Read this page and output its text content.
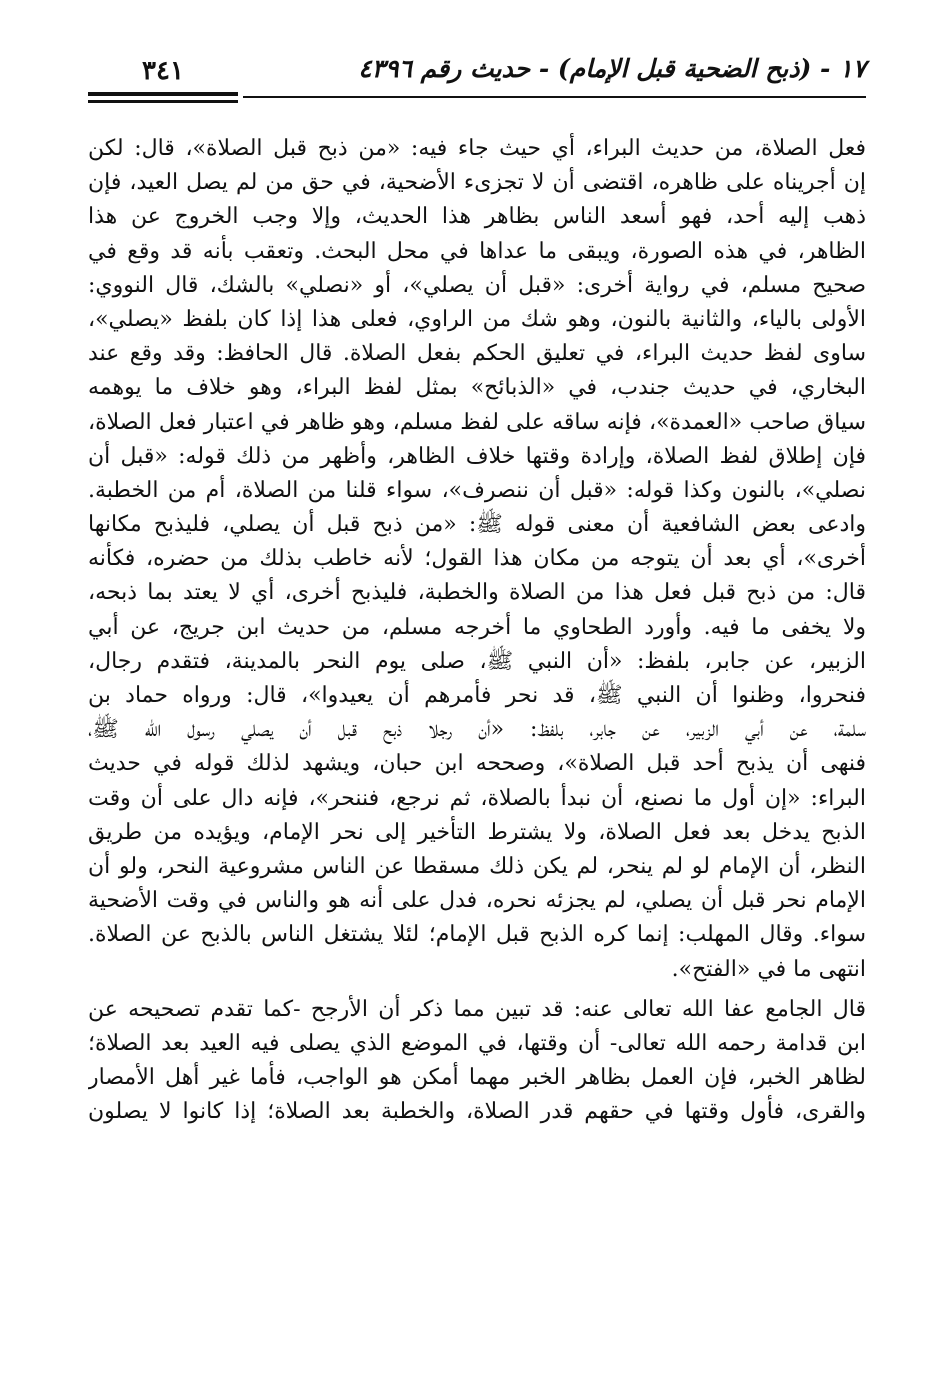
٣٤١	١٧ - (ذبح الضحية قبل الإمام) - حديث رقم ٤٣٩٦
فعل الصلاة، من حديث البراء، أي حيث جاء فيه: «من ذبح قبل الصلاة»، قال: لكن
إن أجريناه على ظاهره، اقتضى أن لا تجزىء الأضحية، في حق من لم يصل العيد، فإن
ذهب إليه أحد، فهو أسعد الناس بظاهر هذا الحديث، وإلا وجب الخروج عن هذا
الظاهر، في هذه الصورة، ويبقى ما عداها في محل البحث. وتعقب بأنه قد وقع في
صحيح مسلم، في رواية أخرى: «قبل أن يصلي»، أو «نصلي» بالشك، قال النووي:
الأولى بالياء، والثانية بالنون، وهو شك من الراوي، فعلى هذا إذا كان بلفظ «يصلي»،
ساوى لفظ حديث البراء، في تعليق الحكم بفعل الصلاة. قال الحافظ: وقد وقع عند
البخاري، في حديث جندب، في «الذبائح» بمثل لفظ البراء، وهو خلاف ما يوهمه
سياق صاحب «العمدة»، فإنه ساقه على لفظ مسلم، وهو ظاهر في اعتبار فعل الصلاة،
فإن إطلاق لفظ الصلاة، وإرادة وقتها خلاف الظاهر، وأظهر من ذلك قوله: «قبل أن
نصلي»، بالنون وكذا قوله: «قبل أن ننصرف»، سواء قلنا من الصلاة، أم من الخطبة.
وادعى بعض الشافعية أن معنى قوله ﷺ: «من ذبح قبل أن يصلي، فليذبح مكانها
أخرى»، أي بعد أن يتوجه من مكان هذا القول؛ لأنه خاطب بذلك من حضره، فكأنه
قال: من ذبح قبل فعل هذا من الصلاة والخطبة، فليذبح أخرى، أي لا يعتد بما ذبحه،
ولا يخفى ما فيه. وأورد الطحاوي ما أخرجه مسلم، من حديث ابن جريج، عن أبي
الزبير، عن جابر، بلفظ: «أن النبي ﷺ، صلى يوم النحر بالمدينة، فتقدم رجال،
فنحروا، وظنوا أن النبي ﷺ، قد نحر فأمرهم أن يعيدوا»، قال: ورواه حماد بن
سلمة، عن أبي الزبير، عن جابر، بلفظ: «أن رجلا ذبح قبل أن يصلي رسول الله ﷺ،
فنهى أن يذبح أحد قبل الصلاة»، وصححه ابن حبان، ويشهد لذلك قوله في حديث
البراء: «إن أول ما نصنع، أن نبدأ بالصلاة، ثم نرجع، فننحر»، فإنه دال على أن وقت
الذبح يدخل بعد فعل الصلاة، ولا يشترط التأخير إلى نحر الإمام، ويؤيده من طريق
النظر، أن الإمام لو لم ينحر، لم يكن ذلك مسقطا عن الناس مشروعية النحر، ولو أن
الإمام نحر قبل أن يصلي، لم يجزئه نحره، فدل على أنه هو والناس في وقت الأضحية
سواء. وقال المهلب: إنما كره الذبح قبل الإمام؛ لئلا يشتغل الناس بالذبح عن الصلاة.
انتهى ما في «الفتح».
قال الجامع عفا الله تعالى عنه: قد تبين مما ذكر أن الأرجح -كما تقدم تصحيحه عن
ابن قدامة رحمه الله تعالى- أن وقتها، في الموضع الذي يصلى فيه العيد بعد الصلاة؛
لظاهر الخبر، فإن العمل بظاهر الخبر مهما أمكن هو الواجب، فأما غير أهل الأمصار
والقرى، فأول وقتها في حقهم قدر الصلاة، والخطبة بعد الصلاة؛ إذا كانوا لا يصلون
